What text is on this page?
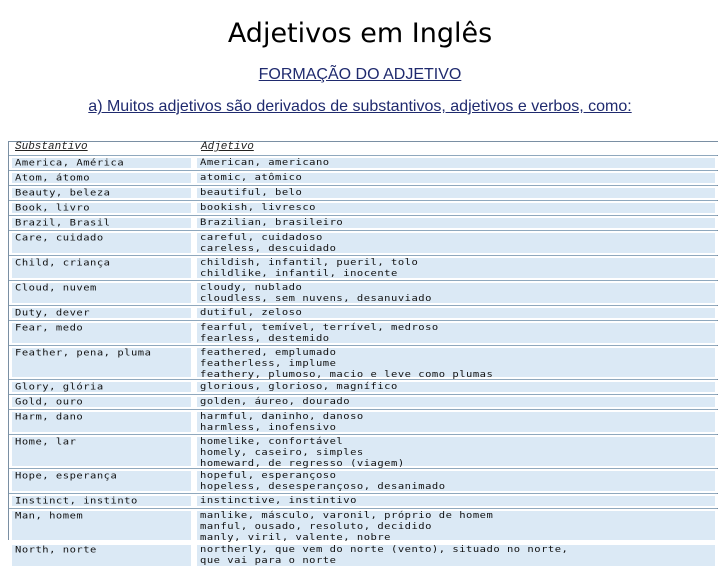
Adjetivos em Inglês
FORMAÇÃO DO ADJETIVO
a) Muitos adjetivos são derivados de substantivos, adjetivos e verbos, como:
Substantivo	Adjetivo
America, América	American, americano
Atom, átomo	atomic, atômico
Beauty, beleza	beautiful, belo
Book, livro	bookish, livresco
Brazil, Brasil	Brazilian, brasileiro
Care, cuidado	careful, cuidadoso
careless, descuidado
Child, criança	childish, infantil, pueril, tolo
childlike, infantil, inocente
Cloud, nuvem	cloudy, nublado
cloudless, sem nuvens, desanuviado
Duty, dever	dutiful, zeloso
Fear, medo	fearful, temível, terrível, medroso
fearless, destemido
Feather, pena, pluma	feathered, emplumado
featherless, implume
feathery, plumoso, macio e leve como plumas
Glory, glória	glorious, glorioso, magnífico
Gold, ouro	golden, áureo, dourado
Harm, dano	harmful, daninho, danoso
harmless, inofensivo
Home, lar	homelike, confortável
homely, caseiro, simples
homeward, de regresso (viagem)
Hope, esperança	hopeful, esperançoso
hopeless, desesperançoso, desanimado
Instinct, instinto	instinctive, instintivo
Man, homem	manlike, másculo, varonil, próprio de homem
manful, ousado, resoluto, decidido
manly, viril, valente, nobre
North, norte	northerly, que vem do norte (vento), situado no norte,
que vai para o norte
